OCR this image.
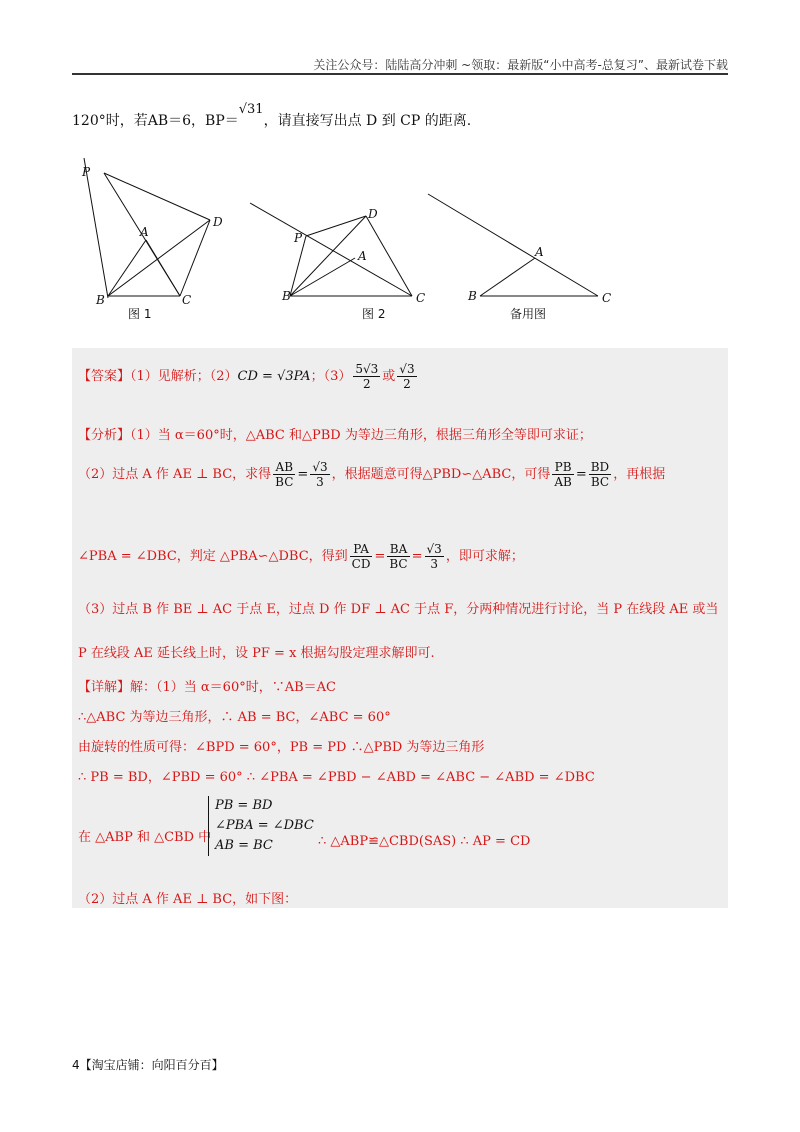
关注公众号：陆陆高分冲刺 ~领取：最新版“小中高考-总复习”、最新试卷下载
120°时，若AB＝6，BP＝√31，请直接写出点 D 到 CP 的距离.
P
A
D
B	C
图 1
P
D
A
B	C
图 2
A
B	C
备用图
【答案】（1）见解析；（2）CD = √3PA；$(3) \frac{5√3}{2}$ 或 $\frac{√3}{2}$
【分析】（1）当 α＝60°时，△ABC 和△PBD 为等边三角形，根据三角形全等即可求证；
（2）过点 A 作 AE ⊥ BC，求得 $\frac{AB}{BC} = \frac{√3}{3}$ ，根据题意可得△PBD∽△ABC，可得 $\frac{PB}{AB} = \frac{BD}{BC}$ ，再根据
∠PBA = ∠DBC，判定 △PBA∽△DBC，得到 $\frac{PA}{CD} = \frac{BA}{BC} = \frac{√3}{3}$ ，即可求解；
（3）过点 B 作 BE ⊥ AC 于点 E，过点 D 作 DF ⊥ AC 于点 F，分两种情况进行讨论，当 P 在线段 AE 或当
P 在线段 AE 延长线上时，设 PF = x 根据勾股定理求解即可.
【详解】解：（1）当 α＝60°时，∵AB＝AC
∴△ABC 为等边三角形，∴ AB = BC，∠ABC = 60°
由旋转的性质可得：∠BPD = 60°，PB = PD ∴△PBD 为等边三角形
∴ PB = BD，∠PBD = 60° ∴ ∠PBA = ∠PBD − ∠ABD = ∠ABC − ∠ABD = ∠DBC
在 △ABP 和 △CBD 中
PB = BD
∠PBA = ∠DBC
AB = BC	∴ △ABP≌△CBD(SAS) ∴ AP = CD
（2）过点 A 作 AE ⊥ BC，如下图：
4【淘宝店铺：向阳百分百】
